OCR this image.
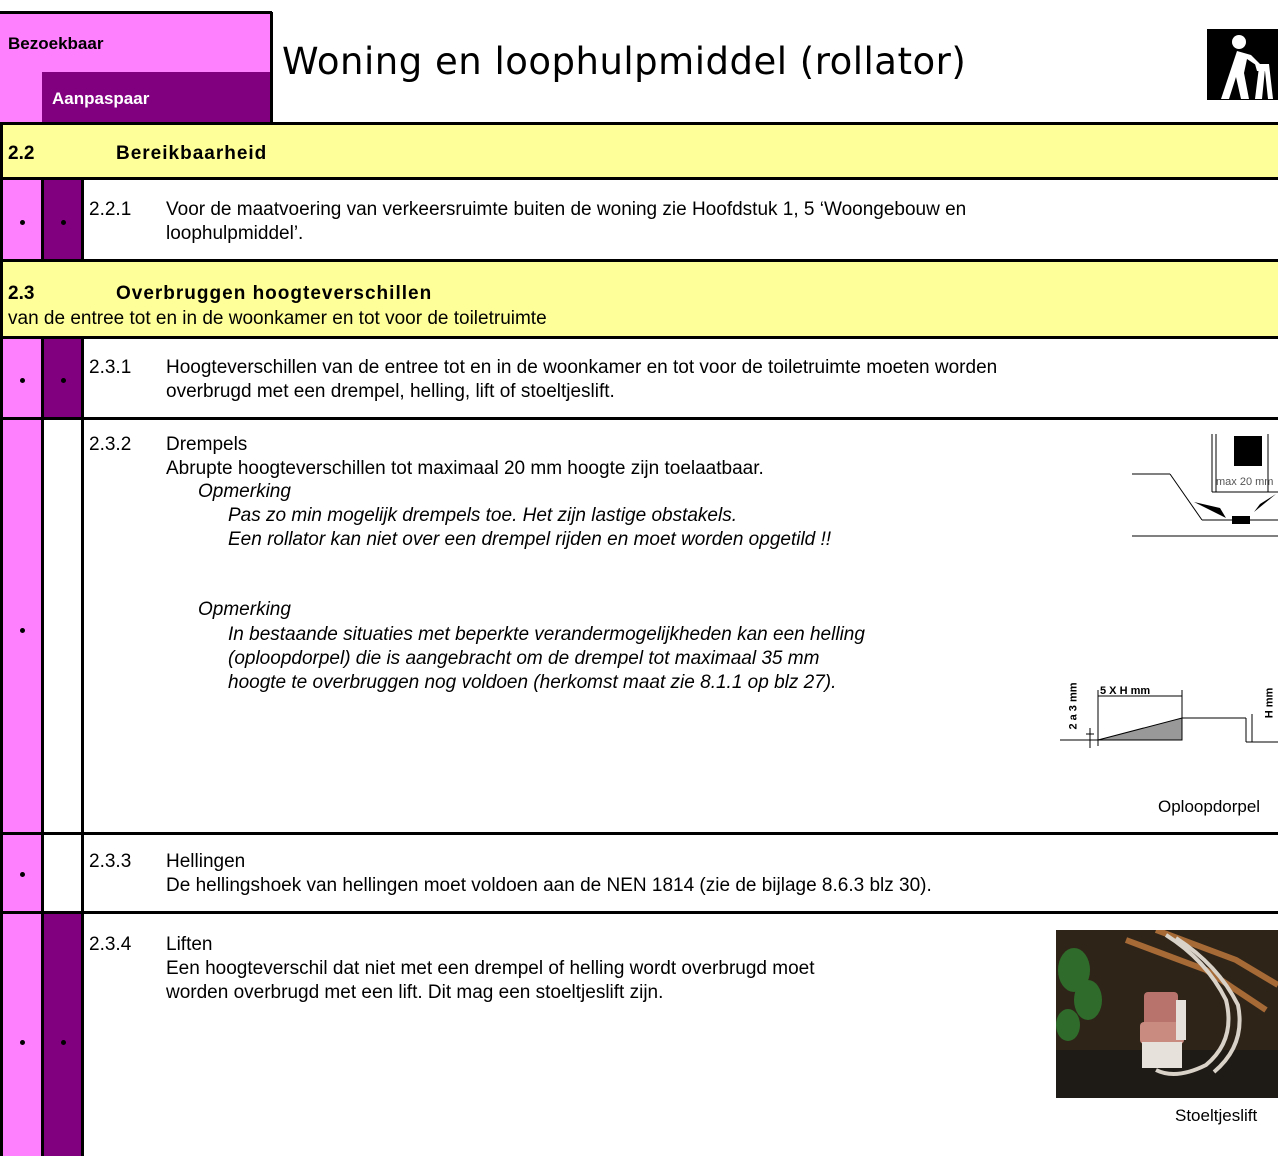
Bezoekbaar
Aanpaspaar
Woning en loophulpmiddel (rollator)
2.2	Bereikbaarheid
2.2.1 Voor de maatvoering van verkeersruimte buiten de woning zie Hoofdstuk 1, 5 ‘Woongebouw en
loophulpmiddel’.
2.3	Overbruggen hoogteverschillen
van de entree tot en in de woonkamer en tot voor de toiletruimte
2.3.1 Hoogteverschillen van de entree tot en in de woonkamer en tot voor de toiletruimte moeten worden
overbrugd met een drempel, helling, lift of stoeltjeslift.
2.3.2 Drempels
Abrupte hoogteverschillen tot maximaal 20 mm hoogte zijn toelaatbaar.
Opmerking
Pas zo min mogelijk drempels toe. Het zijn lastige obstakels.
Een rollator kan niet over een drempel rijden en moet worden opgetild !!
Opmerking
In bestaande situaties met beperkte verandermogelijkheden kan een helling
(oploopdorpel) die is aangebracht om de drempel tot maximaal 35 mm
hoogte te overbruggen nog voldoen (herkomst maat zie 8.1.1 op blz 27).
max 20 mm
5 X H mm
2 a 3 mm	H mm
Oploopdorpel
2.3.3 Hellingen
De hellingshoek van hellingen moet voldoen aan de NEN 1814 (zie de bijlage 8.6.3 blz 30).
2.3.4 Liften
Een hoogteverschil dat niet met een drempel of helling wordt overbrugd moet
worden overbrugd met een lift. Dit mag een stoeltjeslift zijn.
Stoeltjeslift
